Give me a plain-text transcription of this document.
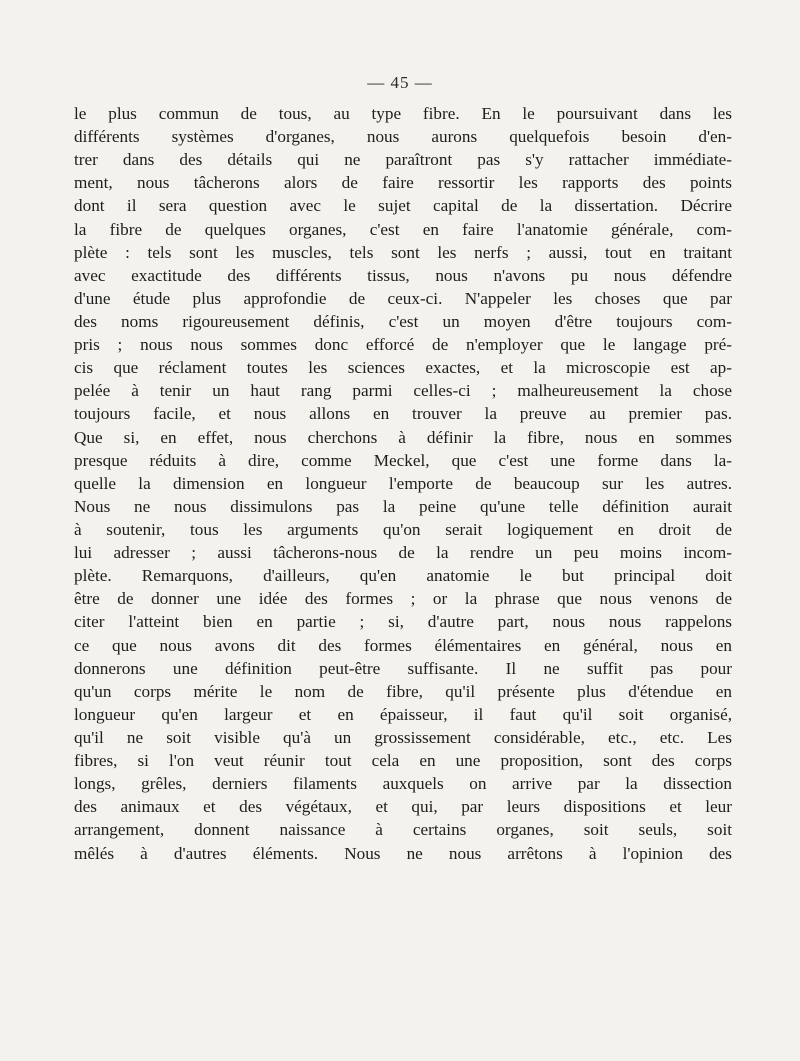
— 45 —
le plus commun de tous, au type fibre. En le poursuivant dans les
différents systèmes d'organes, nous aurons quelquefois besoin d'en-
trer dans des détails qui ne paraîtront pas s'y rattacher immédiate-
ment, nous tâcherons alors de faire ressortir les rapports des points
dont il sera question avec le sujet capital de la dissertation. Décrire
la fibre de quelques organes, c'est en faire l'anatomie générale, com-
plète : tels sont les muscles, tels sont les nerfs ; aussi, tout en traitant
avec exactitude des différents tissus, nous n'avons pu nous défendre
d'une étude plus approfondie de ceux-ci. N'appeler les choses que par
des noms rigoureusement définis, c'est un moyen d'être toujours com-
pris ; nous nous sommes donc efforcé de n'employer que le langage pré-
cis que réclament toutes les sciences exactes, et la microscopie est ap-
pelée à tenir un haut rang parmi celles-ci ; malheureusement la chose
toujours facile, et nous allons en trouver la preuve au premier pas.
Que si, en effet, nous cherchons à définir la fibre, nous en sommes
presque réduits à dire, comme Meckel, que c'est une forme dans la-
quelle la dimension en longueur l'emporte de beaucoup sur les autres.
Nous ne nous dissimulons pas la peine qu'une telle définition aurait
à soutenir, tous les arguments qu'on serait logiquement en droit de
lui adresser ; aussi tâcherons-nous de la rendre un peu moins incom-
plète. Remarquons, d'ailleurs, qu'en anatomie le but principal doit
être de donner une idée des formes ; or la phrase que nous venons de
citer l'atteint bien en partie ; si, d'autre part, nous nous rappelons
ce que nous avons dit des formes élémentaires en général, nous en
donnerons une définition peut-être suffisante. Il ne suffit pas pour
qu'un corps mérite le nom de fibre, qu'il présente plus d'étendue en
longueur qu'en largeur et en épaisseur, il faut qu'il soit organisé,
qu'il ne soit visible qu'à un grossissement considérable, etc., etc. Les
fibres, si l'on veut réunir tout cela en une proposition, sont des corps
longs, grêles, derniers filaments auxquels on arrive par la dissection
des animaux et des végétaux, et qui, par leurs dispositions et leur
arrangement, donnent naissance à certains organes, soit seuls, soit
mêlés à d'autres éléments. Nous ne nous arrêtons à l'opinion des
